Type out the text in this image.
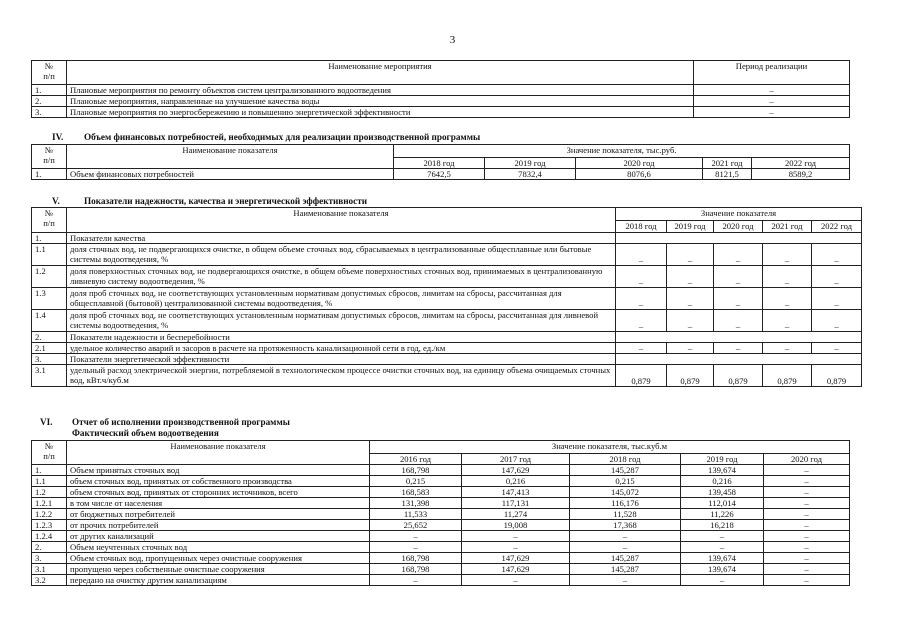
3
№
п/п	Наименование мероприятия	Период реализации
1.	Плановые мероприятия по ремонту объектов систем централизованного водоотведения	–
2.	Плановые мероприятия, направленные на улучшение качества воды	–
3.	Плановые мероприятия по энергосбережению и повышению энергетической эффективности	–
IV. Объем финансовых потребностей, необходимых для реализации производственной программы
№
п/п	Наименование показателя	Значение показателя, тыс.руб.				
		2018 год	2019 год	2020 год	2021 год	2022 год
1.	Объем финансовых потребностей	7642,5	7832,4	8076,6	8121,5	8589,2
V.	Показатели надежности, качества и энергетической эффективности
№
п/п	Наименование показателя	Значение показателя				
		2018 год	2019 год	2020 год	2021 год	2022 год
1.	Показатели качества					
1.1	доля сточных вод, не подвергающихся очистке, в общем объеме сточных вод, сбрасываемых в централизованные общесплавные или бытовые системы водоотведения, %	–	–	–	–	–
1.2	доля поверхностных сточных вод, не подвергающихся очистке, в общем объеме поверхностных сточных вод, принимаемых в централизованную ливневую систему водоотведения, %	–	–	–	–	–
1.3	доля проб сточных вод, не соответствующих установленным нормативам допустимых сбросов, лимитам на сбросы, рассчитанная для общесплавной (бытовой) централизованной системы водоотведения, %	–	–	–	–	–
1.4	доля проб сточных вод, не соответствующих установленным нормативам допустимых сбросов, лимитам на сбросы, рассчитанная для ливневой системы водоотведения, %	–	–	–	–	–
2.	Показатели надежности и бесперебойности					
2.1	удельное количество аварий и засоров в расчете на протяженность канализационной сети в год, ед./км	–	–	–	–	–
3.	Показатели энергетической эффективности					
3.1	удельный расход электрической энергии, потребляемой в технологическом процессе очистки сточных вод, на единицу объема очищаемых сточных вод, кВт.ч/куб.м	0,879	0,879	0,879	0,879	0,879
VI. Отчет об исполнении производственной программы
Фактический объем водоотведения
№
п/п	Наименование показателя	Значение показателя, тыс.куб.м				
		2016 год	2017 год	2018 год	2019 год	2020 год
1.	Объем принятых сточных вод	168,798	147,629	145,287	139,674	–
1.1	объем сточных вод, принятых от собственного производства	0,215	0,216	0,215	0,216	–
1.2	объем сточных вод, принятых от сторонних источников, всего	168,583	147,413	145,072	139,458	–
1.2.1	в том числе от населения	131,398	117,131	116,176	112,014	–
1.2.2	от бюджетных потребителей	11,533	11,274	11,528	11,226	–
1.2.3	от прочих потребителей	25,652	19,008	17,368	16,218	–
1.2.4	от других канализаций	–	–	–	–	–
2.	Объем неучтенных сточных вод	–	–	–	–	–
3.	Объем сточных вод, пропущенных через очистные сооружения	168,798	147,629	145,287	139,674	–
3.1	пропущено через собственные очистные сооружения	168,798	147,629	145,287	139,674	–
3.2	передано на очистку другим канализациям	–	–	–	–	–
